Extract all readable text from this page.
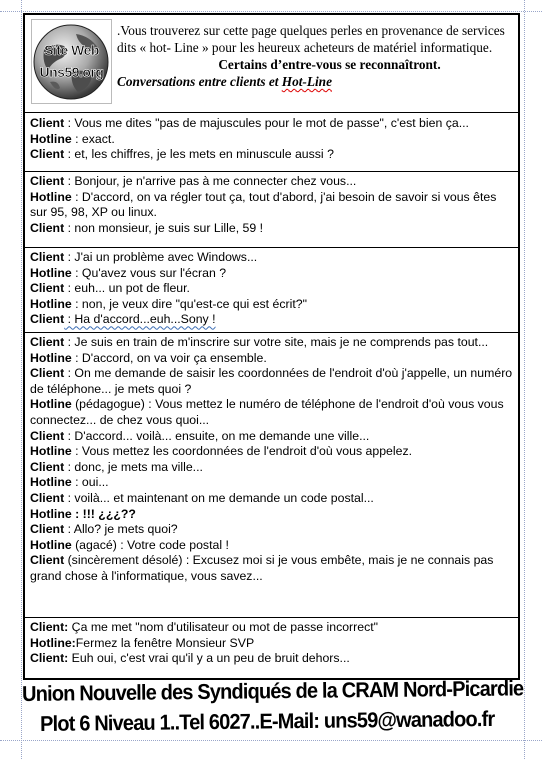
Site Web
Uns59.org

.Vous trouverez sur cette page quelques perles en provenance de services dits « hot- Line » pour les heureux acheteurs de matériel informatique.

Certains d’entre-vous se reconnaîtront.

Conversations entre clients et Hot-Line

Client : Vous me dites "pas de majuscules pour le mot de passe", c'est bien ça...

Hotline : exact.

Client : et, les chiffres, je les mets en minuscule aussi ?

Client : Bonjour, je n'arrive pas à me connecter chez vous...

Hotline : D'accord, on va régler tout ça, tout d'abord, j'ai besoin de savoir si vous êtes sur 95, 98, XP ou linux.

Client : non monsieur, je suis sur Lille, 59 !

Client : J'ai un problème avec Windows...

Hotline : Qu'avez vous sur l'écran ?

Client : euh... un pot de fleur.

Hotline : non, je veux dire "qu'est-ce qui est écrit?"

Client : Ha d'accord...euh...Sony !

Client : Je suis en train de m'inscrire sur votre site, mais je ne comprends pas tout...

Hotline : D'accord, on va voir ça ensemble.

Client : On me demande de saisir les coordonnées de l'endroit d'où j'appelle, un numéro de téléphone... je mets quoi ?

Hotline (pédagogue) : Vous mettez le numéro de téléphone de l'endroit d'où vous vous connectez... de chez vous quoi...

Client : D'accord... voilà... ensuite, on me demande une ville...

Hotline : Vous mettez les coordonnées de l'endroit d'où vous appelez.

Client : donc, je mets ma ville...

Hotline : oui...

Client : voilà... et maintenant on me demande un code postal...

Hotline : !!! ¿¿¿??

Client : Allo? je mets quoi?

Hotline (agacé) : Votre code postal !

Client (sincèrement désolé) : Excusez moi si je vous embête, mais je ne connais pas grand chose à l'informatique, vous savez...

Client: Ça me met "nom d'utilisateur ou mot de passe incorrect"

Hotline:Fermez la fenêtre Monsieur SVP

Client: Euh oui, c'est vrai qu'il y a un peu de bruit dehors...

Union Nouvelle des Syndiqués de la CRAM Nord-Picardie
Plot 6 Niveau 1..Tel 6027..E-Mail: uns59@wanadoo.fr
